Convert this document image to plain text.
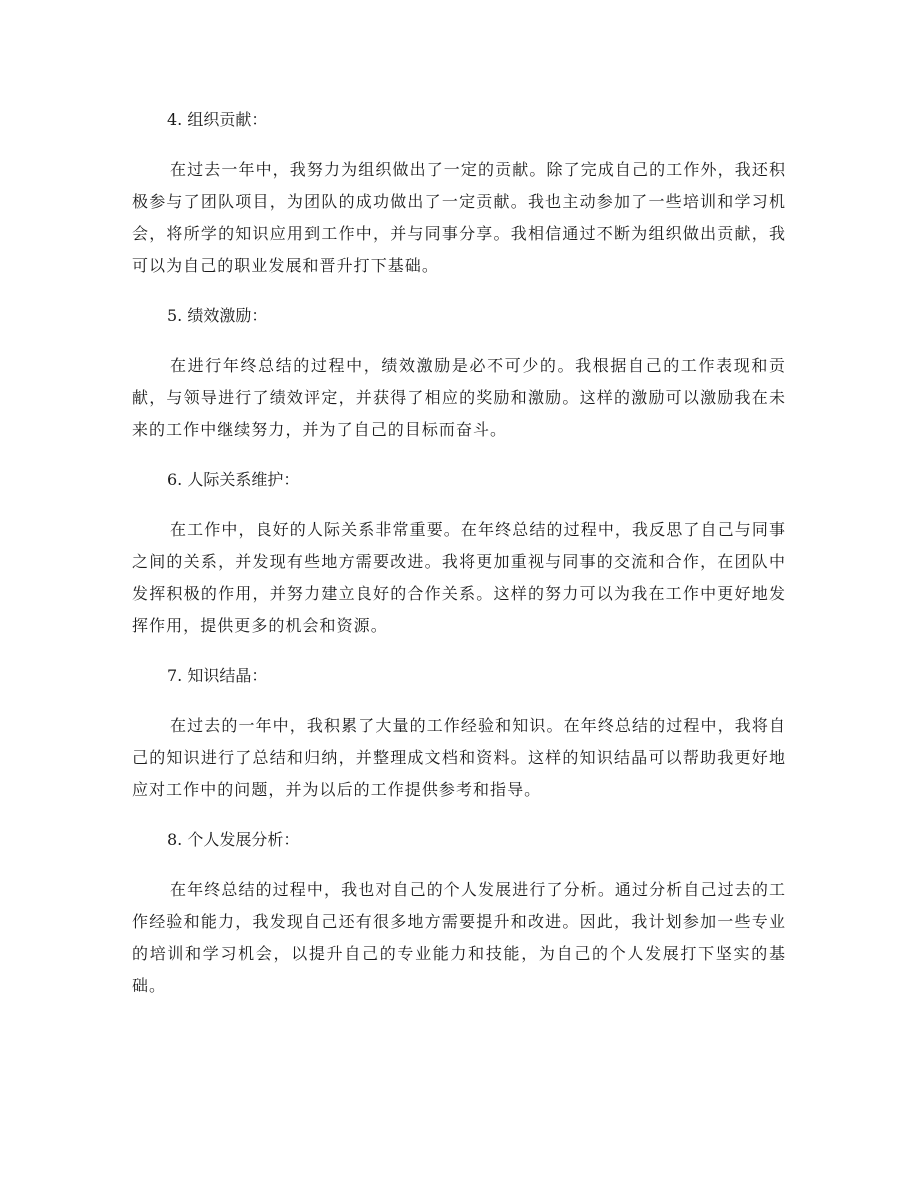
4. 组织贡献：

在过去一年中，我努力为组织做出了一定的贡献。除了完成自己的工作外，我还积极参与了团队项目，为团队的成功做出了一定贡献。我也主动参加了一些培训和学习机会，将所学的知识应用到工作中，并与同事分享。我相信通过不断为组织做出贡献，我可以为自己的职业发展和晋升打下基础。

5. 绩效激励：

在进行年终总结的过程中，绩效激励是必不可少的。我根据自己的工作表现和贡献，与领导进行了绩效评定，并获得了相应的奖励和激励。这样的激励可以激励我在未来的工作中继续努力，并为了自己的目标而奋斗。

6. 人际关系维护：

在工作中，良好的人际关系非常重要。在年终总结的过程中，我反思了自己与同事之间的关系，并发现有些地方需要改进。我将更加重视与同事的交流和合作，在团队中发挥积极的作用，并努力建立良好的合作关系。这样的努力可以为我在工作中更好地发挥作用，提供更多的机会和资源。

7. 知识结晶：

在过去的一年中，我积累了大量的工作经验和知识。在年终总结的过程中，我将自己的知识进行了总结和归纳，并整理成文档和资料。这样的知识结晶可以帮助我更好地应对工作中的问题，并为以后的工作提供参考和指导。

8. 个人发展分析：

在年终总结的过程中，我也对自己的个人发展进行了分析。通过分析自己过去的工作经验和能力，我发现自己还有很多地方需要提升和改进。因此，我计划参加一些专业的培训和学习机会，以提升自己的专业能力和技能，为自己的个人发展打下坚实的基础。
